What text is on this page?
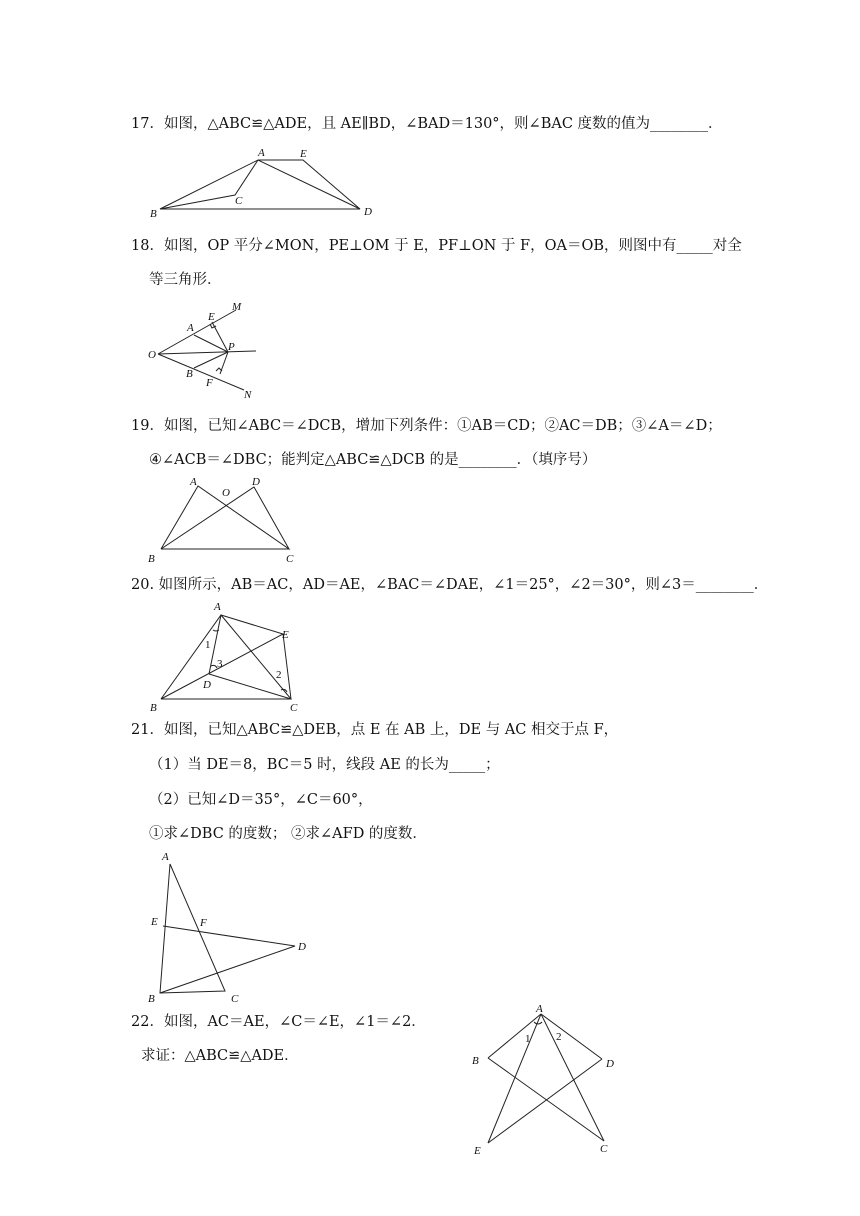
17．如图，△ABC≌△ADE，且 AE∥BD，∠BAD＝130°，则∠BAC 度数的值为________．
A	E
B
C
D
18．如图，OP 平分∠MON，PE⊥OM 于 E，PF⊥ON 于 F，OA＝OB，则图中有_____对全
等三角形．
M
E
A
O
P
B
F
N
19．如图，已知∠ABC＝∠DCB，增加下列条件：①AB＝CD；②AC＝DB；③∠A＝∠D；
④∠ACB＝∠DBC；能判定△ABC≌△DCB 的是________．（填序号）
A
O
D
B	C
20. 如图所示，AB＝AC，AD＝AE，∠BAC＝∠DAE，∠1＝25°，∠2＝30°，则∠3＝________．
A
E
1
3
D
2
B	C
21．如图，已知△ABC≌△DEB，点 E 在 AB 上，DE 与 AC 相交于点 F，
（1）当 DE＝8，BC＝5 时，线段 AE 的长为_____；
（2）已知∠D＝35°，∠C＝60°，
①求∠DBC 的度数； ②求∠AFD 的度数．
A
E	F
D
B	C
22．如图，AC＝AE，∠C＝∠E，∠1＝∠2．
求证：△ABC≌△ADE．
A
1 2
B	D
E	C
